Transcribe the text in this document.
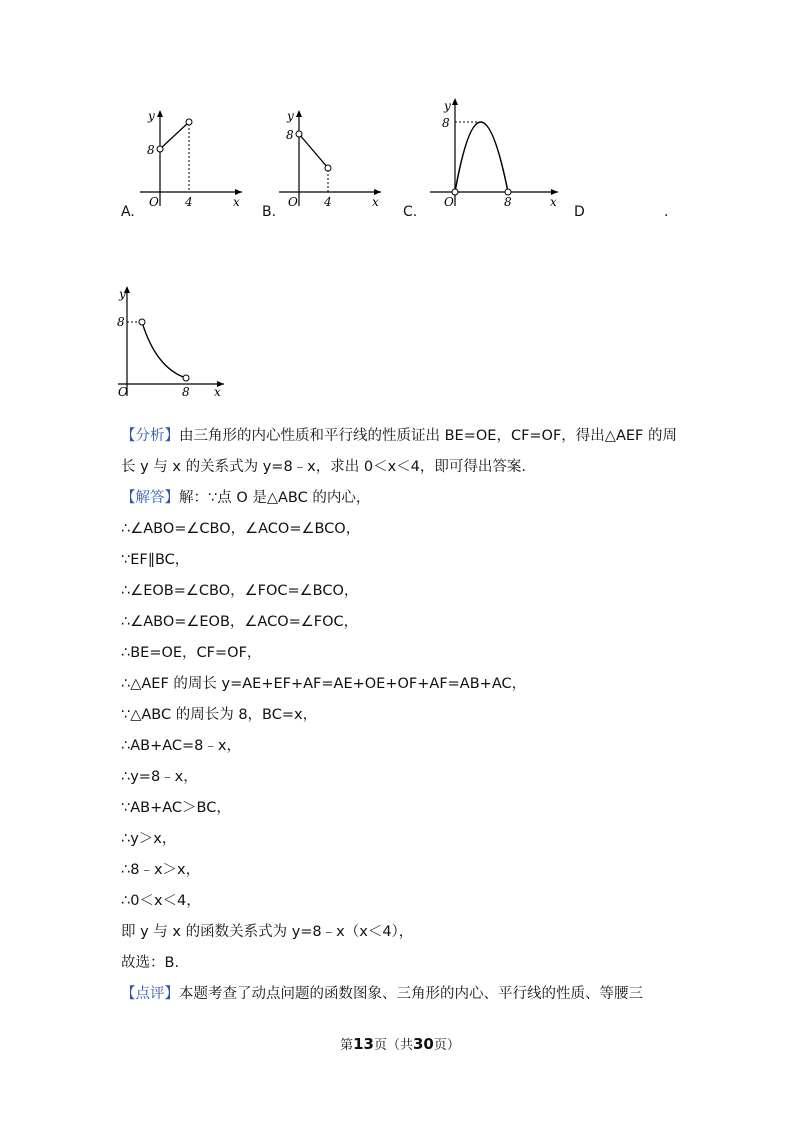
A.	B.	C.	D	.
y
8
O 4	x
y
8
O 4	x
y
8
O	8	x
y
8
O	8 x
【分析】由三角形的内心性质和平行线的性质证出 BE=OE，CF=OF，得出△AEF 的周
长 y 与 x 的关系式为 y=8﹣x，求出 0＜x＜4，即可得出答案.
【解答】解：∵点 O 是△ABC 的内心，
∴∠ABO=∠CBO，∠ACO=∠BCO，
∵EF∥BC，
∴∠EOB=∠CBO，∠FOC=∠BCO，
∴∠ABO=∠EOB，∠ACO=∠FOC，
∴BE=OE，CF=OF，
∴△AEF 的周长 y=AE+EF+AF=AE+OE+OF+AF=AB+AC，
∵△ABC 的周长为 8，BC=x，
∴AB+AC=8﹣x，
∴y=8﹣x，
∵AB+AC＞BC，
∴y＞x，
∴8﹣x＞x，
∴0＜x＜4，
即 y 与 x 的函数关系式为 y=8﹣x（x＜4），
故选：B.
【点评】本题考查了动点问题的函数图象、三角形的内心、平行线的性质、等腰三
第13页（共30页）
